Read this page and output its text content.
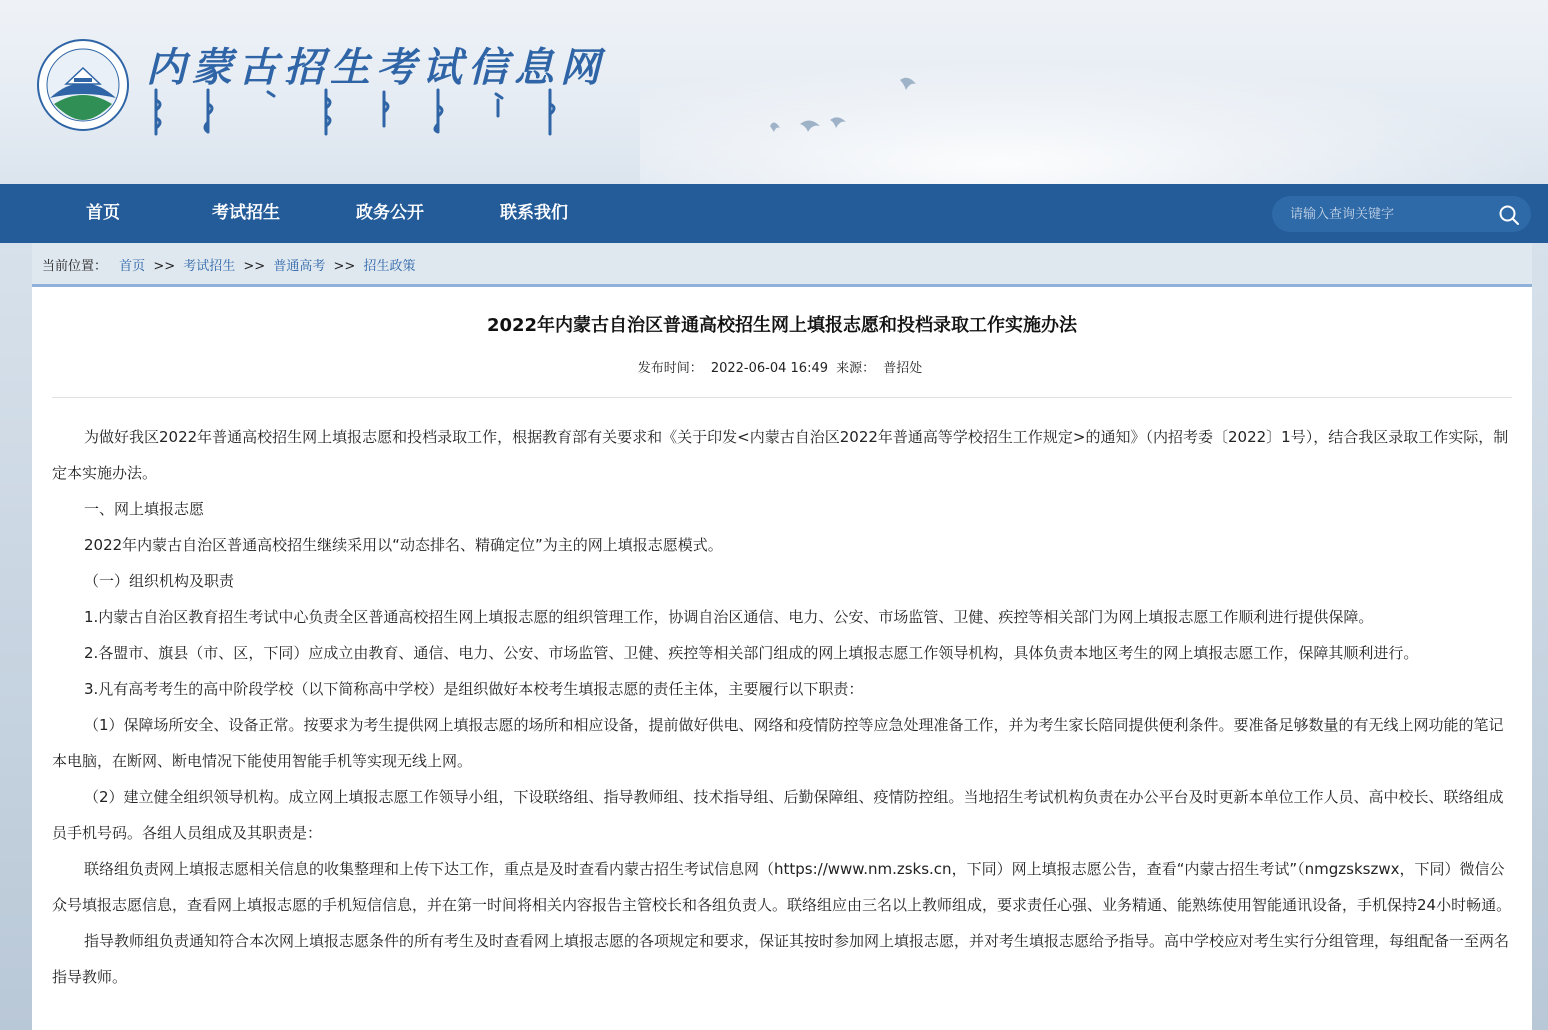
内蒙古招生考试信息网
首页	考试招生	政务公开	联系我们
请输入查询关键字
当前位置： 首页 >> 考试招生 >> 普通高考 >> 招生政策
2022年内蒙古自治区普通高校招生网上填报志愿和投档录取工作实施办法
发布时间： 2022-06-04 16:49 来源： 普招处

为做好我区2022年普通高校招生网上填报志愿和投档录取工作，根据教育部有关要求和《关于印发<内蒙古自治区2022年普通高等学校招生工作规定>的通知》（内招考委〔2022〕1号），结合我区录取工作实际，制定本实施办法。

一、网上填报志愿

2022年内蒙古自治区普通高校招生继续采用以“动态排名、精确定位”为主的网上填报志愿模式。

（一）组织机构及职责

1.内蒙古自治区教育招生考试中心负责全区普通高校招生网上填报志愿的组织管理工作，协调自治区通信、电力、公安、市场监管、卫健、疾控等相关部门为网上填报志愿工作顺利进行提供保障。

2.各盟市、旗县（市、区，下同）应成立由教育、通信、电力、公安、市场监管、卫健、疾控等相关部门组成的网上填报志愿工作领导机构，具体负责本地区考生的网上填报志愿工作，保障其顺利进行。

3.凡有高考考生的高中阶段学校（以下简称高中学校）是组织做好本校考生填报志愿的责任主体，主要履行以下职责：

（1）保障场所安全、设备正常。按要求为考生提供网上填报志愿的场所和相应设备，提前做好供电、网络和疫情防控等应急处理准备工作，并为考生家长陪同提供便利条件。要准备足够数量的有无线上网功能的笔记本电脑，在断网、断电情况下能使用智能手机等实现无线上网。

（2）建立健全组织领导机构。成立网上填报志愿工作领导小组，下设联络组、指导教师组、技术指导组、后勤保障组、疫情防控组。当地招生考试机构负责在办公平台及时更新本单位工作人员、高中校长、联络组成员手机号码。各组人员组成及其职责是：

联络组负责网上填报志愿相关信息的收集整理和上传下达工作，重点是及时查看内蒙古招生考试信息网（https://www.nm.zsks.cn，下同）网上填报志愿公告，查看“内蒙古招生考试”（nmgzskszwx，下同）微信公众号填报志愿信息，查看网上填报志愿的手机短信信息，并在第一时间将相关内容报告主管校长和各组负责人。联络组应由三名以上教师组成，要求责任心强、业务精通、能熟练使用智能通讯设备，手机保持24小时畅通。

指导教师组负责通知符合本次网上填报志愿条件的所有考生及时查看网上填报志愿的各项规定和要求，保证其按时参加网上填报志愿，并对考生填报志愿给予指导。高中学校应对考生实行分组管理，每组配备一至两名指导教师。
